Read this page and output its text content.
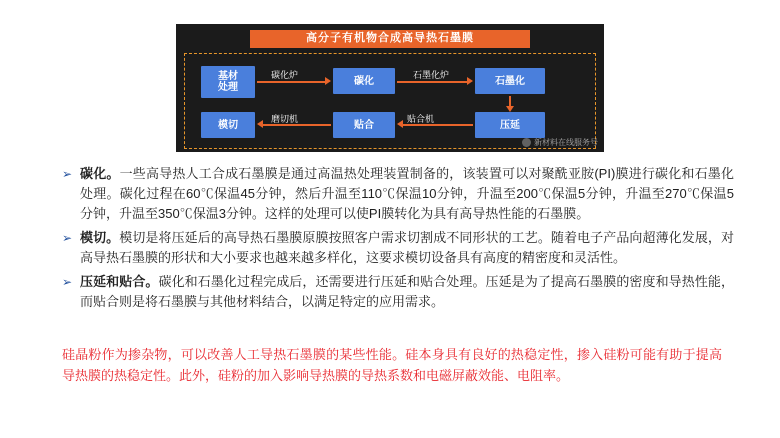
高分子有机物合成高导热石墨膜
基材
处理
碳化	石墨化
模切	贴合	压延
碳化炉	石墨化炉
磨切机	贴合机
新材料在线服务号
➢ 碳化。一些高导热人工合成石墨膜是通过高温热处理装置制备的，该装置可以对聚酰亚胺(PI)膜进行碳化和石墨化处理。碳化过程在60℃保温45分钟，然后升温至110℃保温10分钟，升温至200℃保温5分钟，升温至270℃保温5分钟，升温至350℃保温3分钟。这样的处理可以使PI膜转化为具有高导热性能的石墨膜。
➢ 模切。模切是将压延后的高导热石墨膜原膜按照客户需求切割成不同形状的工艺。随着电子产品向超薄化发展，对高导热石墨膜的形状和大小要求也越来越多样化，这要求模切设备具有高度的精密度和灵活性。
➢ 压延和贴合。碳化和石墨化过程完成后，还需要进行压延和贴合处理。压延是为了提高石墨膜的密度和导热性能，而贴合则是将石墨膜与其他材料结合，以满足特定的应用需求。
硅晶粉作为掺杂物，可以改善人工导热石墨膜的某些性能。硅本身具有良好的热稳定性，掺入硅粉可能有助于提高导热膜的热稳定性。此外，硅粉的加入影响导热膜的导热系数和电磁屏蔽效能、电阻率。
